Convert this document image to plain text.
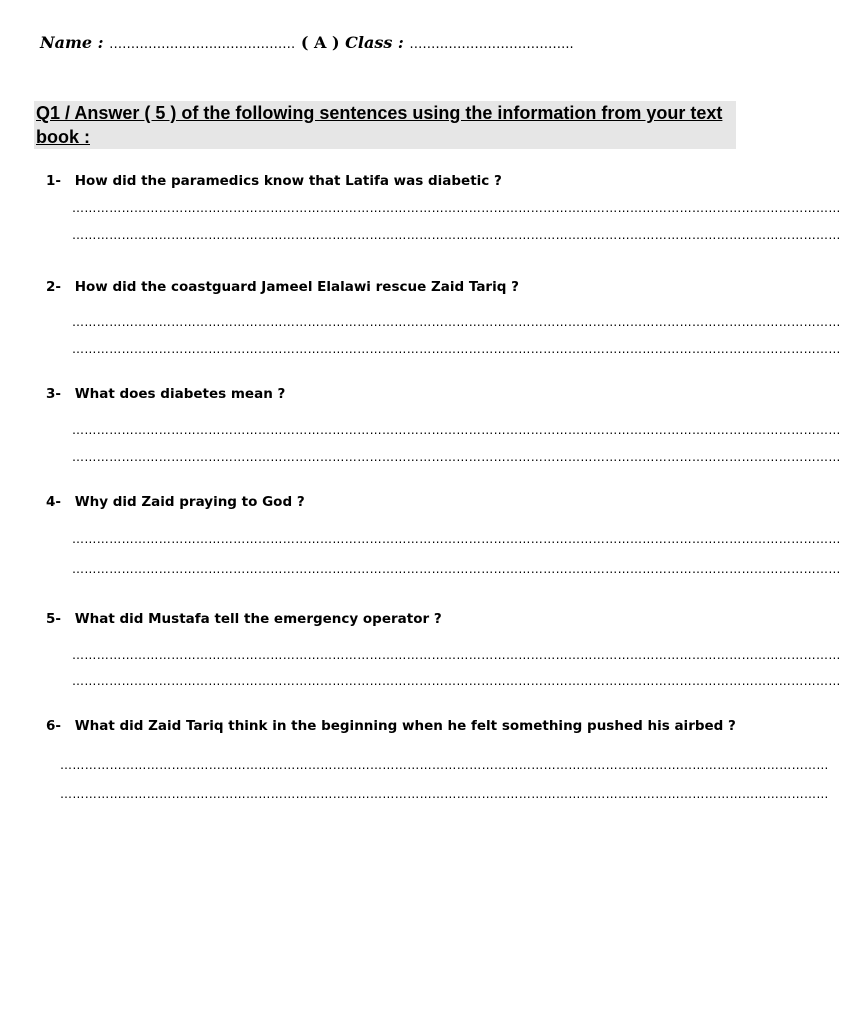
Name : …………………….……………… ( A ) Class : ………………………………..
Q1 / Answer ( 5 ) of the following sentences using the information from your text book :
1- How did the paramedics know that Latifa was diabetic ?
……………………………………………………………………………………………………………………………………………………………………
……………………………………………………………………………………………………………………………………………………………………
2- How did the coastguard Jameel Elalawi rescue Zaid Tariq ?
……………………………………………………………………………………………………………………………………………………………………
……………………………………………………………………………………………………………………………………………………………………
3- What does diabetes mean ?
……………………………………………………………………………………………………………………………………………………………………
……………………………………………………………………………………………………………………………………………………………………
4- Why did Zaid praying to God ?
……………………………………………………………………………………………………………………………………………………………………
……………………………………………………………………………………………………………………………………………………………………
5- What did Mustafa tell the emergency operator ?
……………………………………………………………………………………………………………………………………………………………………
……………………………………………………………………………………………………………………………………………………………………
6- What did Zaid Tariq think in the beginning when he felt something pushed his airbed ?
……………………………………………………………………………………………………………………………………………………………………
……………………………………………………………………………………………………………………………………………………………………
